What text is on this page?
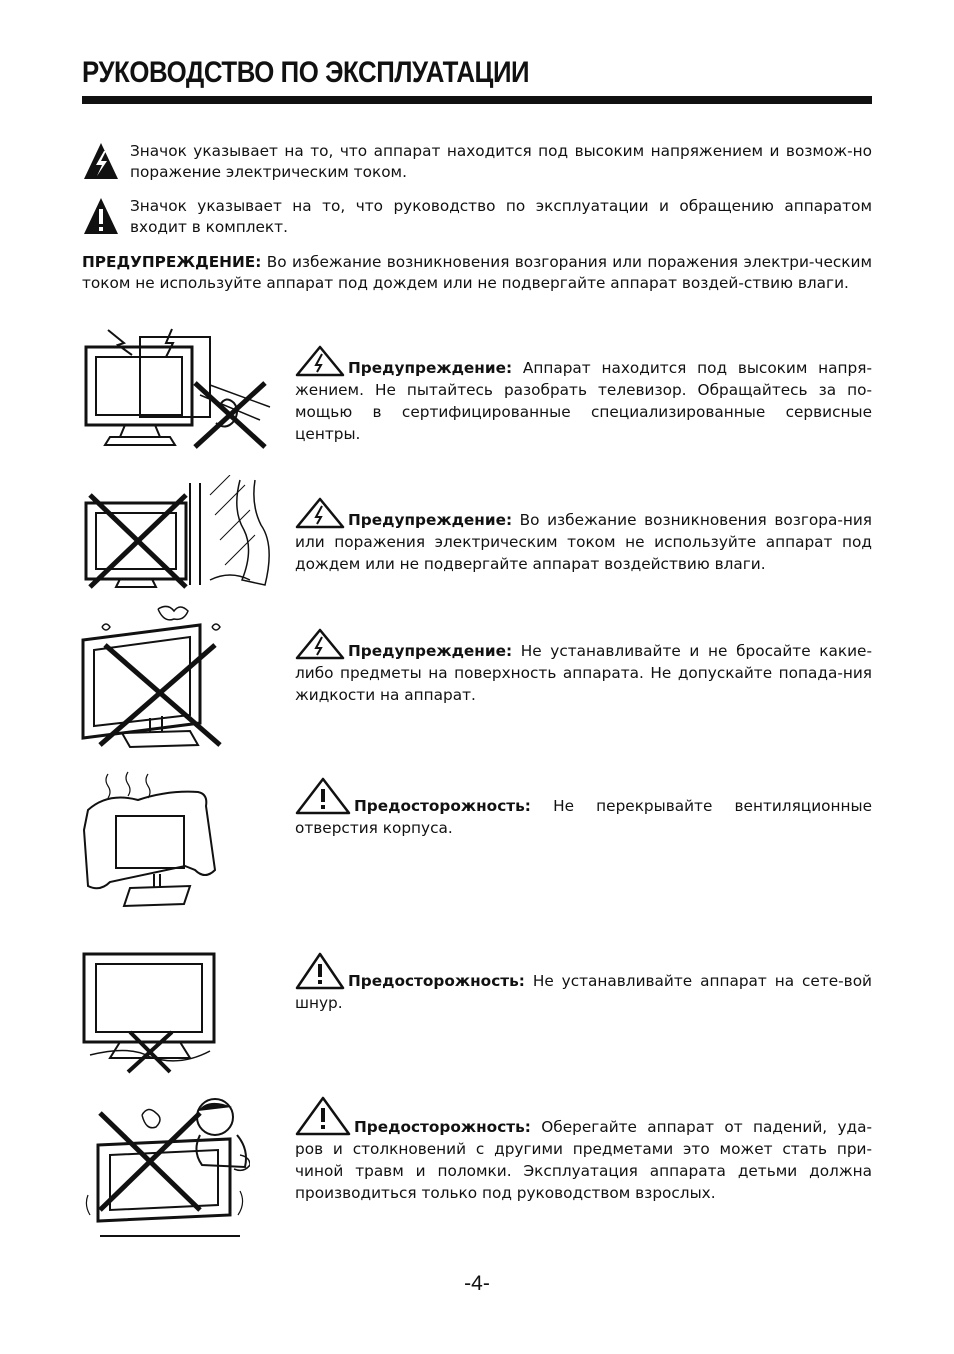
РУКОВОДСТВО ПО ЭКСПЛУАТАЦИИ
Значок указывает на то, что аппарат находится под высоким напряжением и возмож-но поражение электрическим током.
Значок указывает на то, что руководство по эксплуатации и обращению аппаратом входит в комплект.
ПРЕДУПРЕЖДЕНИЕ: Во избежание возникновения возгорания или поражения электри-ческим током не используйте аппарат под дождем или не подвергайте аппарат воздей-ствию влаги.
Предупреждение: Аппарат находится под высоким напря-жением. Не пытайтесь разобрать телевизор. Обращайтесь за по-мощью в сертифицированные специализированные сервисные центры.
Предупреждение: Во избежание возникновения возгора-ния или поражения электрическим током не используйте аппарат под дождем или не подвергайте аппарат воздействию влаги.
Предупреждение: Не устанавливайте и не бросайте какие-либо предметы на поверхность аппарата. Не допускайте попада-ния жидкости на аппарат.
Предосторожность: Не перекрывайте вентиляционные отверстия корпуса.
Предосторожность: Не устанавливайте аппарат на сете-вой шнур.
Предосторожность: Оберегайте аппарат от падений, уда-ров и столкновений с другими предметами это может стать при-чиной травм и поломки. Эксплуатация аппарата детьми должна производиться только под руководством взрослых.
-4-
